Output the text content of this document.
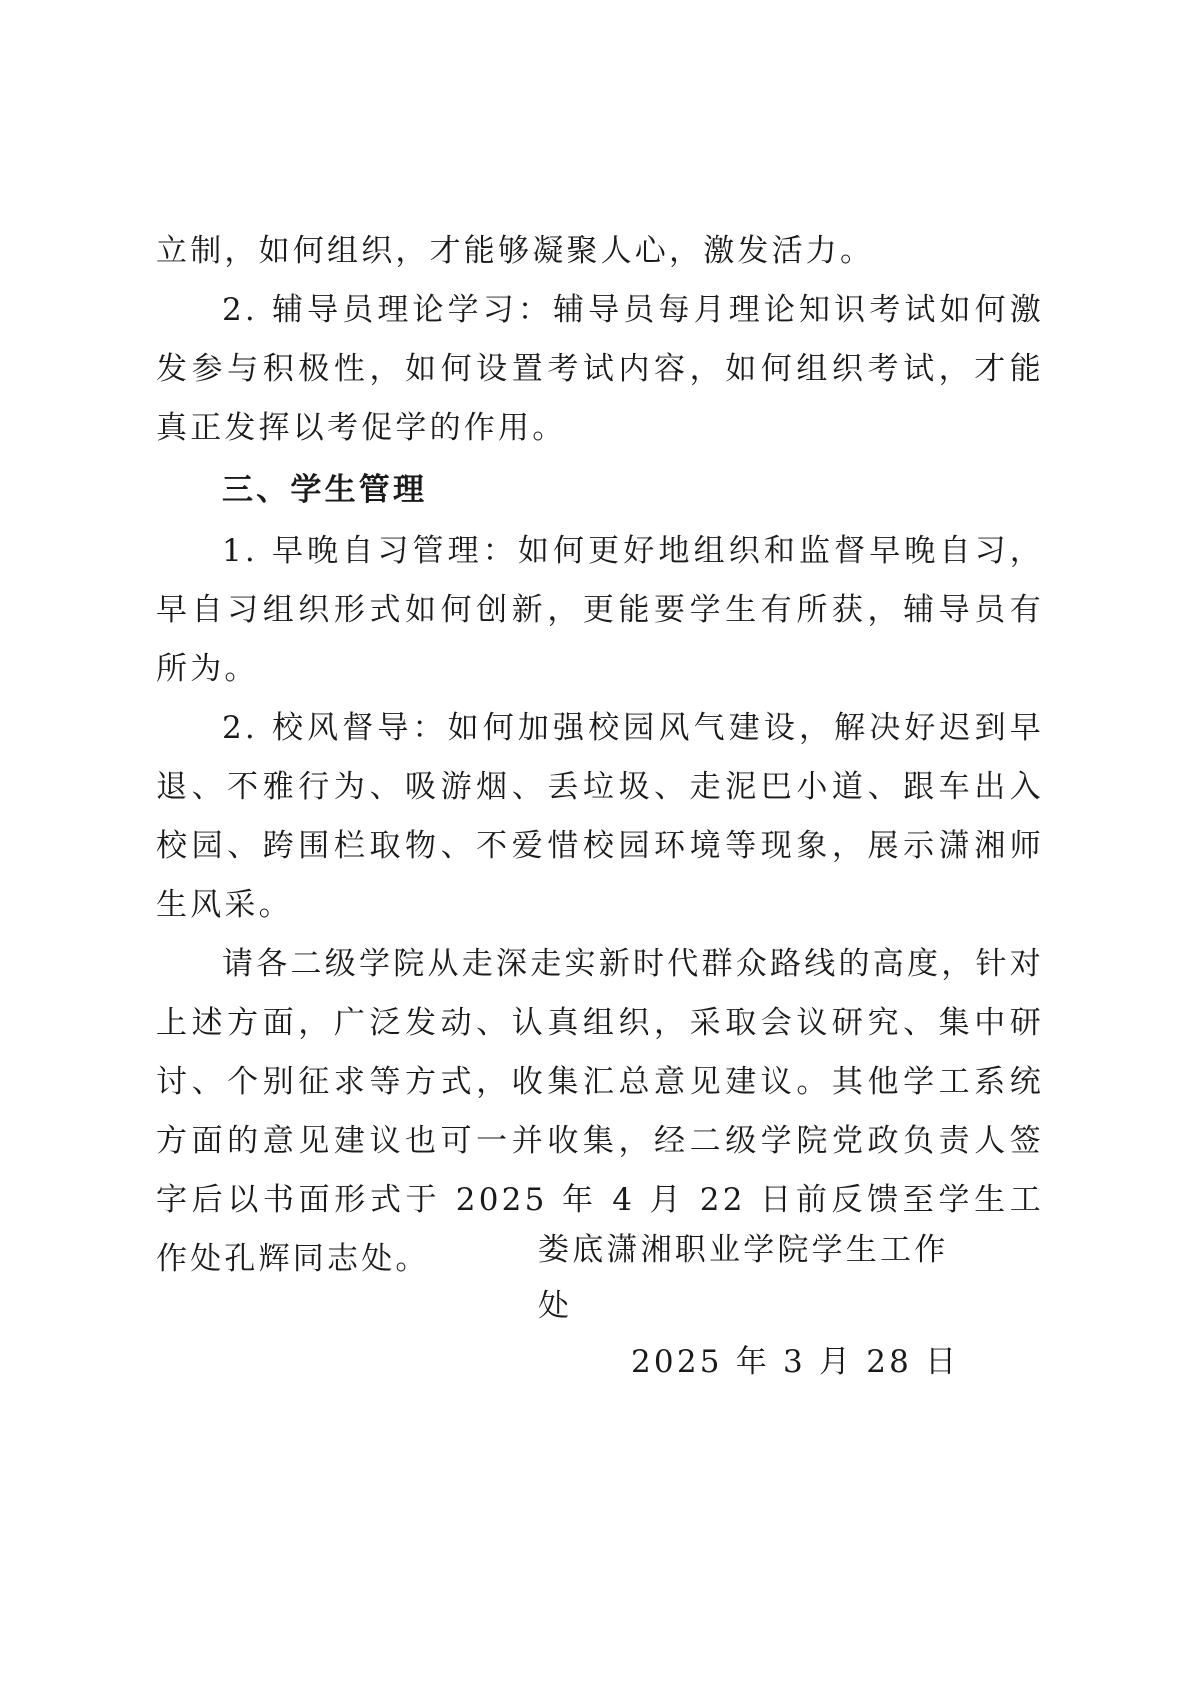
立制，如何组织，才能够凝聚人心，激发活力。

2. 辅导员理论学习：辅导员每月理论知识考试如何激发参与积极性，如何设置考试内容，如何组织考试，才能真正发挥以考促学的作用。

三、学生管理

1. 早晚自习管理：如何更好地组织和监督早晚自习，早自习组织形式如何创新，更能要学生有所获，辅导员有所为。

2. 校风督导：如何加强校园风气建设，解决好迟到早退、不雅行为、吸游烟、丢垃圾、走泥巴小道、跟车出入校园、跨围栏取物、不爱惜校园环境等现象，展示潇湘师生风采。

请各二级学院从走深走实新时代群众路线的高度，针对上述方面，广泛发动、认真组织，采取会议研究、集中研讨、个别征求等方式，收集汇总意见建议。其他学工系统方面的意见建议也可一并收集，经二级学院党政负责人签字后以书面形式于 2025 年 4 月 22 日前反馈至学生工作处孔辉同志处。	娄底潇湘职业学院学生工作处
2025 年 3 月 28 日
